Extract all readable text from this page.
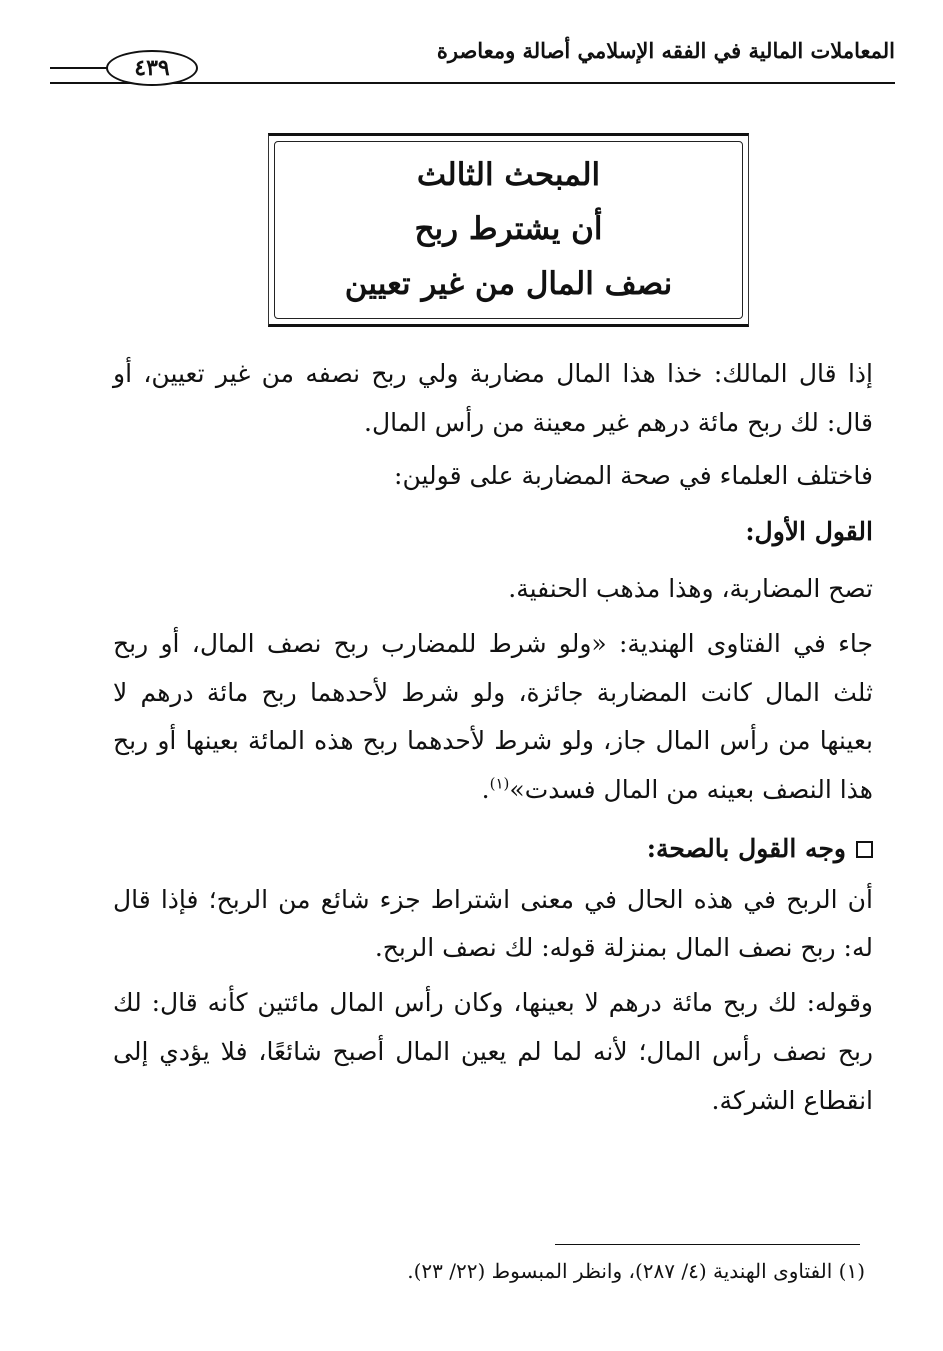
المعاملات المالية في الفقه الإسلامي أصالة ومعاصرة
٤٣٩
المبحث الثالث
أن يشترط ربح
نصف المال من غير تعيين

إذا قال المالك: خذا هذا المال مضاربة ولي ربح نصفه من غير تعيين، أو قال: لك ربح مائة درهم غير معينة من رأس المال.

فاختلف العلماء في صحة المضاربة على قولين:

القول الأول:

تصح المضاربة، وهذا مذهب الحنفية.

جاء في الفتاوى الهندية: «ولو شرط للمضارب ربح نصف المال، أو ربح ثلث المال كانت المضاربة جائزة، ولو شرط لأحدهما ربح مائة درهم لا بعينها من رأس المال جاز، ولو شرط لأحدهما ربح هذه المائة بعينها أو ربح هذا النصف بعينه من المال فسدت»$^{(١)}$.

وجه القول بالصحة:

أن الربح في هذه الحال في معنى اشتراط جزء شائع من الربح؛ فإذا قال له: ربح نصف المال بمنزلة قوله: لك نصف الربح.

وقوله: لك ربح مائة درهم لا بعينها، وكان رأس المال مائتين كأنه قال: لك ربح نصف رأس المال؛ لأنه لما لم يعين المال أصبح شائعًا، فلا يؤدي إلى انقطاع الشركة.

(١) الفتاوى الهندية (٤/ ٢٨٧)، وانظر المبسوط (٢٢/ ٢٣).
